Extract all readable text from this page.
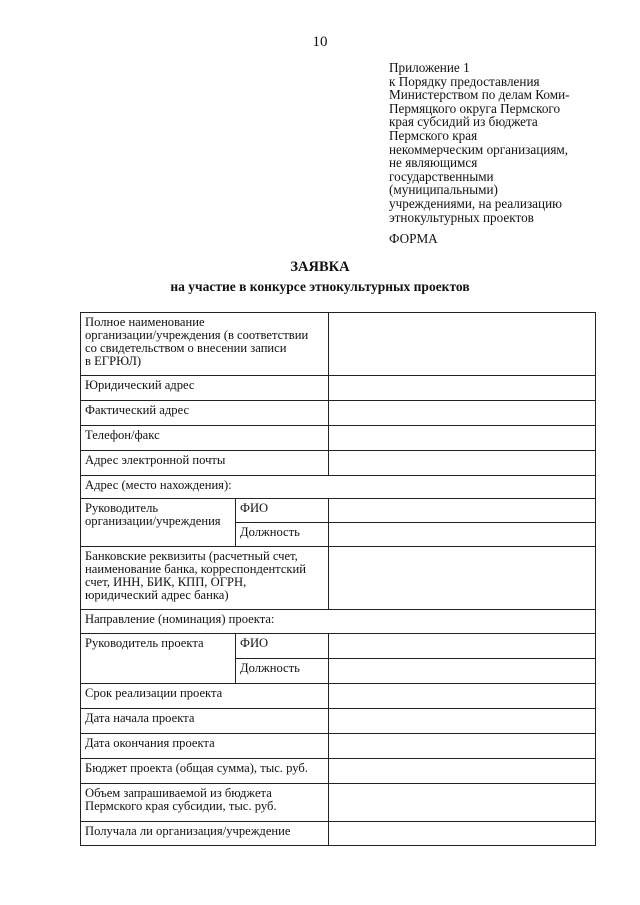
10
Приложение 1
к Порядку предоставления
Министерством по делам Коми-
Пермяцкого округа Пермского
края субсидий из бюджета
Пермского края
некоммерческим организациям,
не являющимся
государственными
(муниципальными)
учреждениями, на реализацию
этнокультурных проектов
ФОРМА
ЗАЯВКА
на участие в конкурсе этнокультурных проектов
Полное наименование
организации/учреждения (в соответствии
со свидетельством о внесении записи
в ЕГРЮЛ)		

Юридический адрес		
Фактический адрес		
Телефон/факс		
Адрес электронной почты		
Адрес (место нахождения):		

Руководитель
организации/учреждения	ФИО	
	Должность	

Банковские реквизиты (расчетный счет,
наименование банка, корреспондентский
счет, ИНН, БИК, КПП, ОГРН,
юридический адрес банка)		

Направление (номинация) проекта:		
Руководитель проекта	ФИО	
	Должность	
Срок реализации проекта		
Дата начала проекта		
Дата окончания проекта		
Бюджет проекта (общая сумма), тыс. руб.		

Объем запрашиваемой из бюджета
Пермского края субсидии, тыс. руб.		

Получала ли организация/учреждение		
